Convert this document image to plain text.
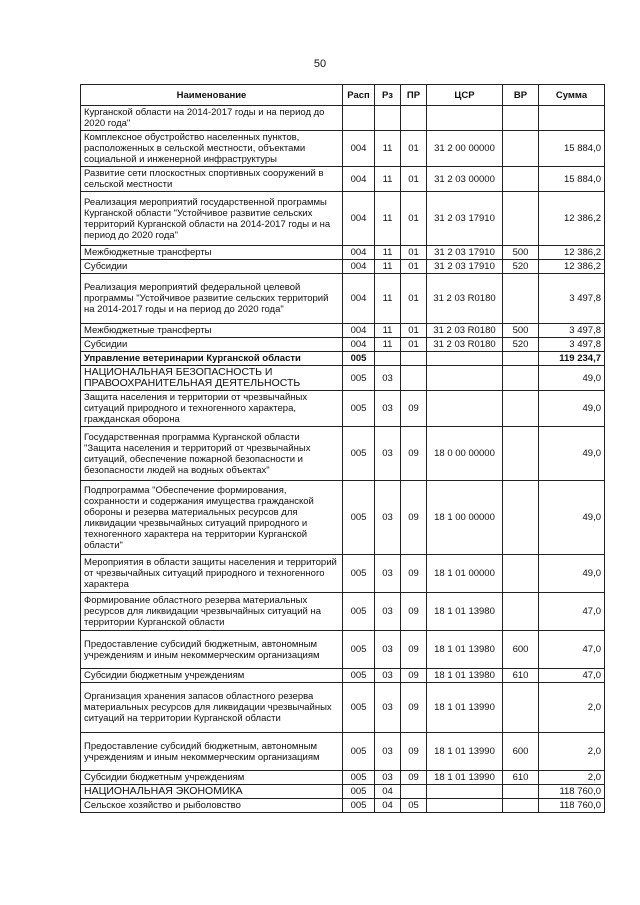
50
Наименование	Расп	Рз	ПР	ЦСР	ВР	Сумма
Курганской области на 2014-2017 годы и на период до 2020 года"						
Комплексное обустройство населенных пунктов, расположенных в сельской местности, объектами социальной и инженерной инфраструктуры	004	11	01	31 2 00 00000		15 884,0
Развитие сети плоскостных спортивных сооружений в сельской местности	004	11	01	31 2 03 00000		15 884,0
Реализация мероприятий государственной программы Курганской области "Устойчивое развитие сельских территорий Курганской области на 2014-2017 годы и на период до 2020 года"	004	11	01	31 2 03 17910		12 386,2
Межбюджетные трансферты	004	11	01	31 2 03 17910	500	12 386,2
Субсидии	004	11	01	31 2 03 17910	520	12 386,2
Реализация мероприятий федеральной целевой программы "Устойчивое развитие сельских территорий на 2014-2017 годы и на период до 2020 года"	004	11	01	31 2 03 R0180		3 497,8
Межбюджетные трансферты	004	11	01	31 2 03 R0180	500	3 497,8
Субсидии	004	11	01	31 2 03 R0180	520	3 497,8
Управление ветеринарии Курганской области	005					119 234,7
НАЦИОНАЛЬНАЯ БЕЗОПАСНОСТЬ И ПРАВООХРАНИТЕЛЬНАЯ ДЕЯТЕЛЬНОСТЬ	005	03				49,0
Защита населения и территории от чрезвычайных ситуаций природного и техногенного характера, гражданская оборона	005	03	09			49,0
Государственная программа Курганской области "Защита населения и территорий от чрезвычайных ситуаций, обеспечение пожарной безопасности и безопасности людей на водных объектах"	005	03	09	18 0 00 00000		49,0
Подпрограмма "Обеспечение формирования, сохранности и содержания имущества гражданской обороны и резерва материальных ресурсов для ликвидации чрезвычайных ситуаций природного и техногенного характера на территории Курганской области"	005	03	09	18 1 00 00000		49,0
Мероприятия в области защиты населения и территорий от чрезвычайных ситуаций природного и техногенного характера	005	03	09	18 1 01 00000		49,0
Формирование областного резерва материальных ресурсов для ликвидации чрезвычайных ситуаций на территории Курганской области	005	03	09	18 1 01 13980		47,0
Предоставление субсидий бюджетным, автономным учреждениям и иным некоммерческим организациям	005	03	09	18 1 01 13980	600	47,0
Субсидии бюджетным учреждениям	005	03	09	18 1 01 13980	610	47,0
Организация хранения запасов областного резерва материальных ресурсов для ликвидации чрезвычайных ситуаций на территории Курганской области	005	03	09	18 1 01 13990		2,0
Предоставление субсидий бюджетным, автономным учреждениям и иным некоммерческим организациям	005	03	09	18 1 01 13990	600	2,0
Субсидии бюджетным учреждениям	005	03	09	18 1 01 13990	610	2,0
НАЦИОНАЛЬНАЯ ЭКОНОМИКА	005	04				118 760,0
Сельское хозяйство и рыболовство	005	04	05			118 760,0
